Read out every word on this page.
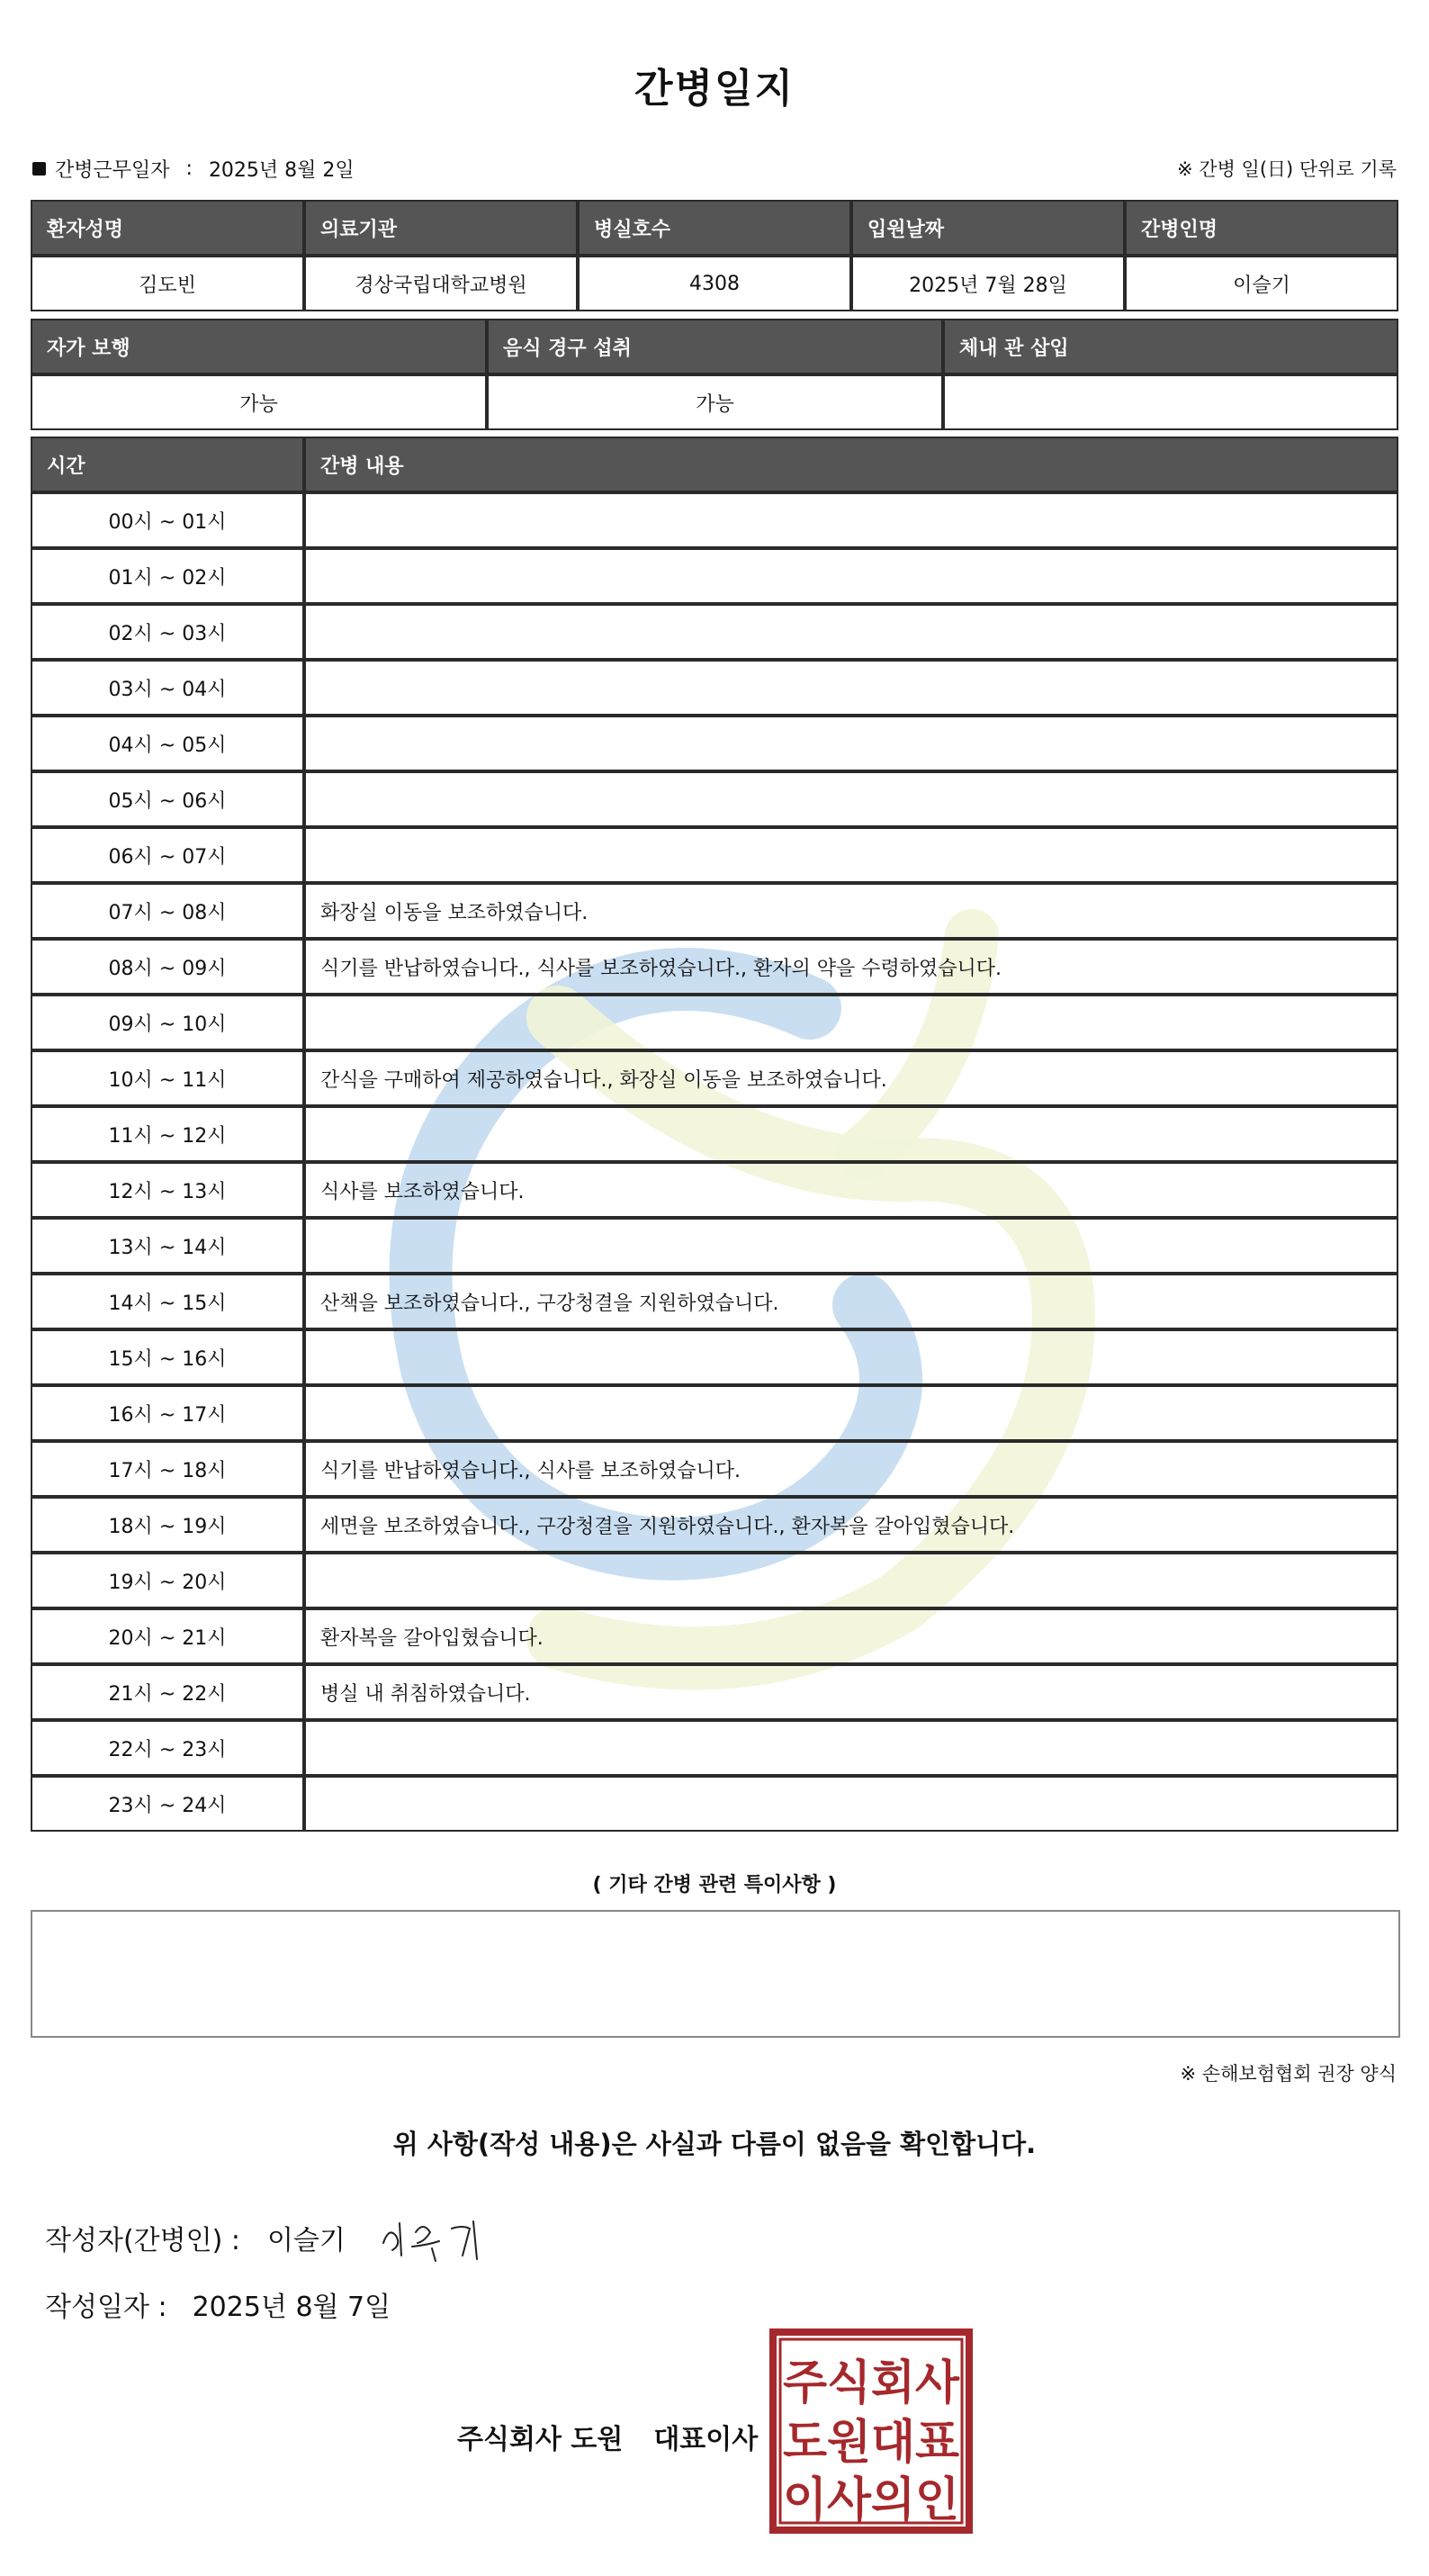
간병일지
간병근무일자 : 2025년 8월 2일	※ 간병 일(日) 단위로 기록
환자성명	의료기관	병실호수	입원날짜	간병인명
김도빈	경상국립대학교병원	4308	2025년 7월 28일	이슬기
자가 보행	음식 경구 섭취	체내 관 삽입
가능	가능	
시간	간병 내용
00시 ~ 01시	
01시 ~ 02시	
02시 ~ 03시	
03시 ~ 04시	
04시 ~ 05시	
05시 ~ 06시	
06시 ~ 07시	
07시 ~ 08시	화장실 이동을 보조하였습니다.
08시 ~ 09시	식기를 반납하였습니다., 식사를 보조하였습니다., 환자의 약을 수령하였습니다.
09시 ~ 10시	
10시 ~ 11시	간식을 구매하여 제공하였습니다., 화장실 이동을 보조하였습니다.
11시 ~ 12시	
12시 ~ 13시	식사를 보조하였습니다.
13시 ~ 14시	
14시 ~ 15시	산책을 보조하였습니다., 구강청결을 지원하였습니다.
15시 ~ 16시	
16시 ~ 17시	
17시 ~ 18시	식기를 반납하였습니다., 식사를 보조하였습니다.
18시 ~ 19시	세면을 보조하였습니다., 구강청결을 지원하였습니다., 환자복을 갈아입혔습니다.
19시 ~ 20시	
20시 ~ 21시	환자복을 갈아입혔습니다.
21시 ~ 22시	병실 내 취침하였습니다.
22시 ~ 23시	
23시 ~ 24시	
( 기타 간병 관련 특이사항 )
※ 손해보험협회 권장 양식
위 사항(작성 내용)은 사실과 다름이 없음을 확인합니다.
작성자(간병인) : 이슬기
작성일자 : 2025년 8월 7일
주식회사 도원 대표이사
주식회사
도원대표
이사의인
